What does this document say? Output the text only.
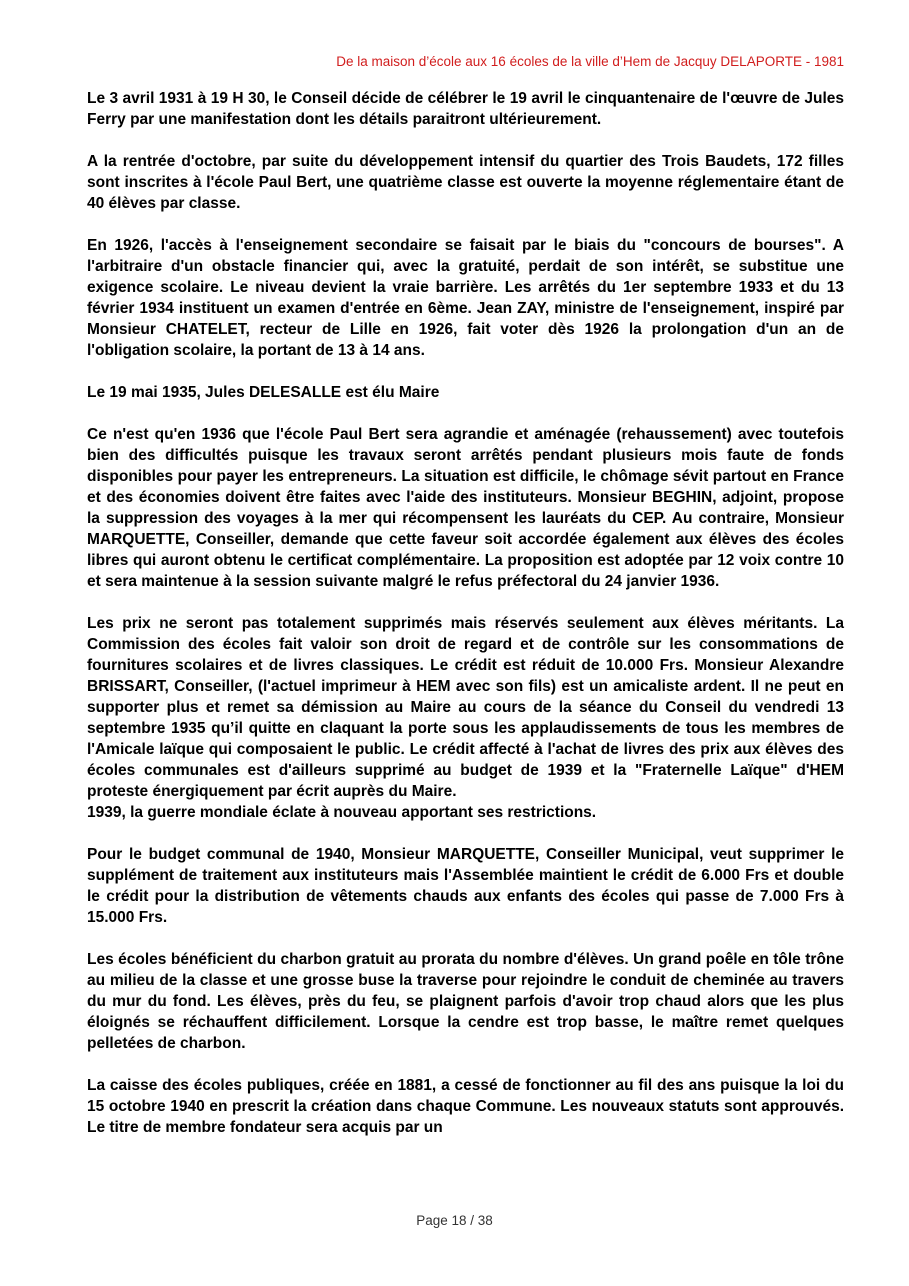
De la maison d’école aux 16 écoles de la ville d’Hem de Jacquy DELAPORTE - 1981

Le 3 avril 1931 à 19 H 30, le Conseil décide de célébrer le 19 avril le cinquantenaire de l'œuvre de Jules Ferry par une manifestation dont les détails paraitront ultérieurement.

A la rentrée d'octobre, par suite du développement intensif du quartier des Trois Baudets, 172 filles sont inscrites à l'école Paul Bert, une quatrième classe est ouverte la moyenne réglementaire étant de 40 élèves par classe.

En 1926, l'accès à l'enseignement secondaire se faisait par le biais du "concours de bourses". A l'arbitraire d'un obstacle financier qui, avec la gratuité, perdait de son intérêt, se substitue une exigence scolaire. Le niveau devient la vraie barrière. Les arrêtés du 1er septembre 1933 et du 13 février 1934 instituent un examen d'entrée en 6ème. Jean ZAY, ministre de l'enseignement, inspiré par Monsieur CHATELET, recteur de Lille en 1926, fait voter dès 1926 la prolongation d'un an de l'obligation scolaire, la portant de 13 à 14 ans.

Le 19 mai 1935, Jules DELESALLE est élu Maire

Ce n'est qu'en 1936 que l'école Paul Bert sera agrandie et aménagée (rehaussement) avec toutefois bien des difficultés puisque les travaux seront arrêtés pendant plusieurs mois faute de fonds disponibles pour payer les entrepreneurs. La situation est difficile, le chômage sévit partout en France et des économies doivent être faites avec l'aide des instituteurs. Monsieur BEGHIN, adjoint, propose la suppression des voyages à la mer qui récompensent les lauréats du CEP. Au contraire, Monsieur MARQUETTE, Conseiller, demande que cette faveur soit accordée également aux élèves des écoles libres qui auront obtenu le certificat complémentaire. La proposition est adoptée par 12 voix contre 10 et sera maintenue à la session suivante malgré le refus préfectoral du 24 janvier 1936.

Les prix ne seront pas totalement supprimés mais réservés seulement aux élèves méritants. La Commission des écoles fait valoir son droit de regard et de contrôle sur les consommations de fournitures scolaires et de livres classiques. Le crédit est réduit de 10.000 Frs. Monsieur Alexandre BRISSART, Conseiller, (l'actuel imprimeur à HEM avec son fils) est un amicaliste ardent. Il ne peut en supporter plus et remet sa démission au Maire au cours de la séance du Conseil du vendredi 13 septembre 1935 qu’il quitte en claquant la porte sous les applaudissements de tous les membres de l'Amicale laïque qui composaient le public. Le crédit affecté à l'achat de livres des prix aux élèves des écoles communales est d'ailleurs supprimé au budget de 1939 et la "Fraternelle Laïque" d'HEM proteste énergiquement par écrit auprès du Maire.

1939, la guerre mondiale éclate à nouveau apportant ses restrictions.

Pour le budget communal de 1940, Monsieur MARQUETTE, Conseiller Municipal, veut supprimer le supplément de traitement aux instituteurs mais l'Assemblée maintient le crédit de 6.000 Frs et double le crédit pour la distribution de vêtements chauds aux enfants des écoles qui passe de 7.000 Frs à 15.000 Frs.

Les écoles bénéficient du charbon gratuit au prorata du nombre d'élèves. Un grand poêle en tôle trône au milieu de la classe et une grosse buse la traverse pour rejoindre le conduit de cheminée au travers du mur du fond. Les élèves, près du feu, se plaignent parfois d'avoir trop chaud alors que les plus éloignés se réchauffent difficilement. Lorsque la cendre est trop basse, le maître remet quelques pelletées de charbon.

La caisse des écoles publiques, créée en 1881, a cessé de fonctionner au fil des ans puisque la loi du 15 octobre 1940 en prescrit la création dans chaque Commune. Les nouveaux statuts sont approuvés. Le titre de membre fondateur sera acquis par un

Page 18 / 38
